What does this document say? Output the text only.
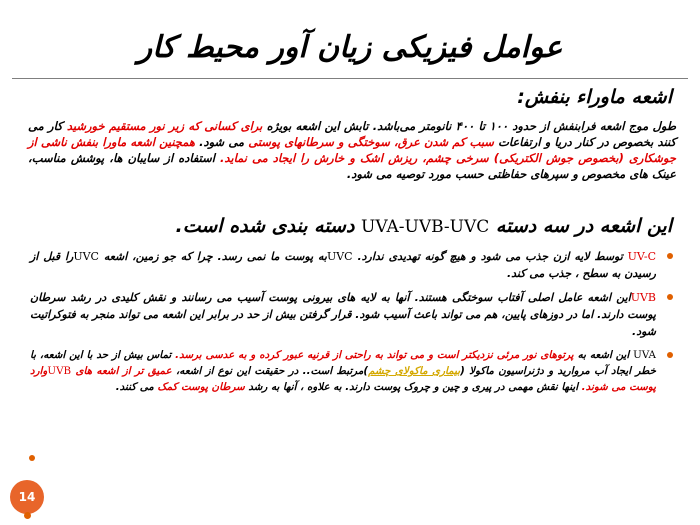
عوامل فیزیکی زیان آور محیط کار
اشعه ماوراء بنفش:
طول موج اشعه فرابنفش از حدود ۱۰۰ تا ۴۰۰ نانومتر می‌باشد. تابش این اشعه بویژه برای کسانی که زیر نور مستقیم خورشید کار می کنند بخصوص در کنار دریا و ارتفاعات سبب کم شدن عرق، سوختگی و سرطانهای پوستی می شود. همچنین اشعه ماورا بنفش ناشی از جوشکاری (بخصوص جوش الکتریکی) سرخی چشم، ریزش اشک و خارش را ایجاد می نماید. استفاده از سایبان ها، پوشش مناسب، عینک های مخصوص و سپرهای حفاظتی حسب مورد توصیه می شود.
این اشعه در سه دسته UVA-UVB-UVC دسته بندی شده است.
UV-C توسط لایه ازن جذب می شود و هیچ گونه تهدیدی ندارد. UVCبه پوست ما نمی رسد. چرا که جو زمین، اشعه UVCرا قبل از رسیدن به سطح ، جذب می کند.
UVBاین اشعه عامل اصلی آفتاب سوختگی هستند. آنها به لایه های بیرونی پوست آسیب می رسانند و نقش کلیدی در رشد سرطان پوست دارند. اما در دوزهای پایین، هم می تواند باعث آسیب شود. قرار گرفتن بیش از حد در برابر این اشعه می تواند منجر به فتوکراتیت شود.
UVA این اشعه به پرتوهای نور مرئی نزدیکتر است و می تواند به راحتی از قرنیه عبور کرده و به عدسی برسد. تماس بیش از حد با این اشعه، با خطر ایجاد آب مروارید و دژنراسیون ماکولا (بیماری ماکولای چشم)مرتبط است.. در حقیقت این نوع از اشعه، عمیق تر از اشعه های UVBوارد پوست می شوند. اینها نقش مهمی در پیری و چین و چروک پوست دارند. به علاوه ، آنها به رشد سرطان پوست کمک می کنند.
14
